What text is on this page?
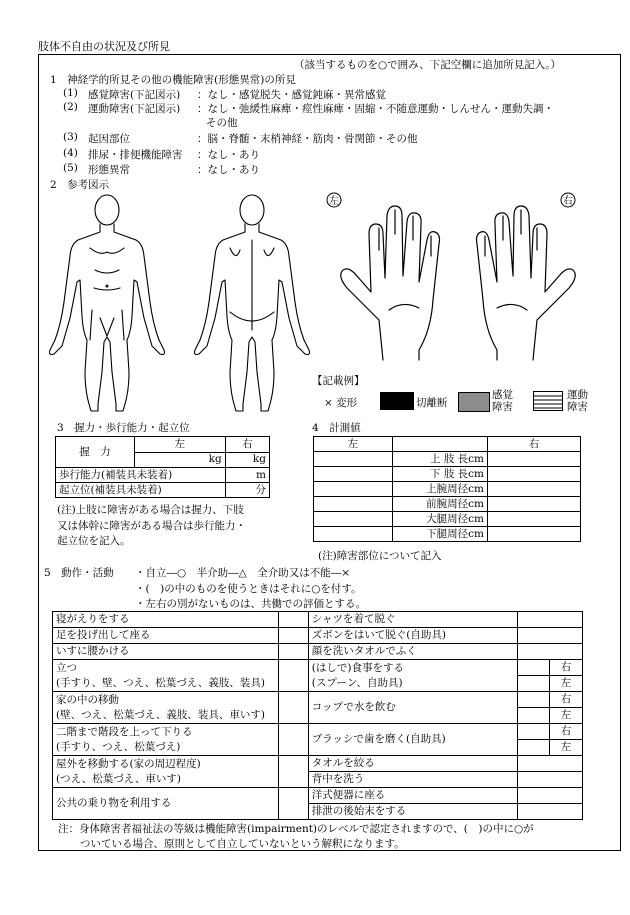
肢体不自由の状況及び所見
（該当するものを○で囲み、下記空欄に追加所見記入。）
1　神経学的所見その他の機能障害(形態異常)の所見
(1) 感覚障害(下記図示) ：なし・感覚脱失・感覚鈍麻・異常感覚
(2) 運動障害(下記図示) ：なし・弛緩性麻痺・痙性麻痺・固縮・不随意運動・しんせん・運動失調・
その他
(3) 起因部位	：脳・脊髄・末梢神経・筋肉・骨関節・その他
(4) 排尿・排便機能障害 ：なし・あり
(5) 形態異常	：なし・あり
2　参考図示
左	右
【記載例】
× 変形	切離断
感覚
障害
運動
障害
3　握力・歩行能力・起立位
握　力	左	右
	kg	kg
歩行能力(補装具未装着)		m
起立位(補装具未装着)		分
(注)上肢に障害がある場合は握力、下肢
又は体幹に障害がある場合は歩行能力・
起立位を記入。
4　計測値
左		右
	上 肢 長cm	
	下 肢 長cm	
	上腕周径cm	
	前腕周径cm	
	大腿周径cm	
	下腿周径cm	
(注)障害部位について記入
5　動作・活動 ・自立―○　半介助―△　全介助又は不能―×
・(　)の中のものを使うときはそれに○を付す。
・左右の別がないものは、共働での評価とする。
寝がえりをする		シャツを着て脱ぐ		
足を投げ出して座る		ズボンをはいて脱ぐ(自助具)		
いすに腰かける		顔を洗いタオルでふく		
立つ
(手すり、壁、つえ、松葉づえ、義肢、装具)		(はしで)食事をする
(スプーン、自助具)		右
				左
家の中の移動
(壁、つえ、松葉づえ、義肢、装具、車いす)		コップで水を飲む		右
				左
二階まで階段を上って下りる
(手すり、つえ、松葉づえ)		ブラッシで歯を磨く(自助具)		右
				左
屋外を移動する(家の周辺程度)
(つえ、松葉づえ、車いす)		タオルを絞る		
		背中を洗う		
公共の乗り物を利用する		洋式便器に座る		
		排泄の後始末をする		
注：身体障害者福祉法の等級は機能障害(impairment)のレベルで認定されますので、(　)の中に○が
ついている場合、原則として自立していないという解釈になります。
